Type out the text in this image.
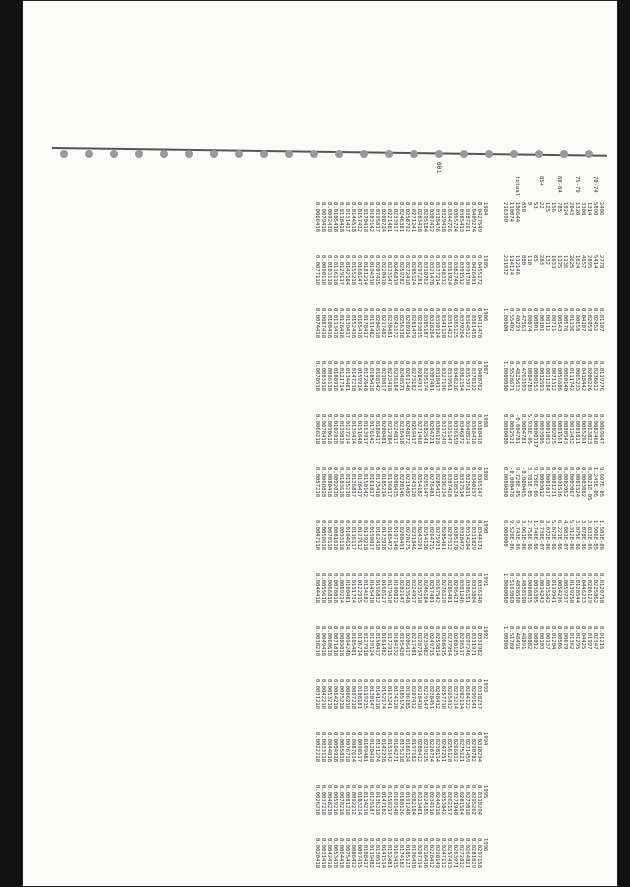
001
240627780.011070.01197760.00696479.607E-051.501E-060.01207180.01216
509054140.024520.02366120.00824681.245E-051.906E-050.02258620.02347
70-74
131420950.020590.02082260.00638230.0021E-053.033E-060.02061290.01997
330846570.041070.04184420.00652610.00030623.070E-060.04462330.04425
132016240.006500.00652330.00018110.00015243.075E-060.01285440.01295
75-79
204326250.011360.01117420.00124320.00030675.312E-060.01392580.01362
102411360.005760.00601400.00085430.00020524.081E-070.00597370.00679
78511250.005430.00566060.00015610.00015166.221E-060.00542960.00506
80-84
15616330.007110.00713120.00020250.00012315.073E-060.01199410.01204
1251320.001120.00112840.00010630.00010173.072E-060.00152420.00137
222830.001010.00125030.00030050.00030128.730E-070.00142430.00103
85+
53850.000010.00001530.000001179.736E-061.746E-060.00363050.00012
01100.000740.00047895.936E-053.781E-052.758E-060.00080350.00082
8508000.475630.47631930.0004781-0.0004653.061E-060.48381900.48891
1066441121460.402930.4825633-0.0047819.728E-059.743E-060.48385980.48491
totaal
1100741141240.554020.55286710.0062521-0.0004789.526E-060.51630600.51789
2163902319321.000001.00000000.00000000.00000000.0000001.00000001.00000
1984198519861987198819891990199119921993199419951996
0.04275490.04551720.04114780.04007620.03804180.03651470.03441710.03361480.03319820.03182370.03102940.03102940.0297158
0.04092740.04264910.03814580.03781220.03684180.03401570.03318290.03138040.03119710.02991410.02907820.02952620.0281829
0.03872610.03917380.03645120.03539710.03485240.03258110.03142040.03061510.02972460.02841220.02714590.02730180.0264821
0.03854130.03915120.03792640.03621540.03468720.03275140.03184720.03012460.02965170.02821340.02751210.02815640.0272812
0.03657240.03827460.03651250.03482160.03361590.03185240.03051780.02964210.02881250.02732140.02668120.02719480.0263971
0.03447260.03619240.03514220.03395610.03251470.03074280.02975120.02864810.02779640.02654120.02561280.02621570.0257413
0.03294180.03483120.03411280.03271960.03172490.02962140.02854610.02761290.02684150.02577180.02472510.02538420.0247112
0.03184760.03372140.03301240.03184170.03061280.02854170.02759310.02675420.02598140.02484120.02381140.02443180.0238149
0.03074120.03214780.03182640.03074810.02947210.02764810.02647150.02574810.02497150.02384510.02287340.02341180.0228412
0.02951840.03107620.03051870.02951740.02825410.02651470.02541360.02461840.02394820.02291470.02191250.02241850.0218416
0.02834180.02972810.02938150.02849170.02714680.02541820.02432910.02357180.02287140.02184180.02084120.02134810.0207314
0.02712410.02851240.02814790.02731820.02594170.02431280.02318460.02249170.02174810.02074120.01971820.02021840.0196418
0.02587920.02724180.02689140.02611480.02481720.02314820.02201750.02135480.02064170.01961850.01861240.01912480.0185127
0.02463810.02597820.02563180.02485710.02364180.02201460.02084910.02021470.01954280.01851740.01752180.01801260.0174182
0.02339170.02468190.02431720.02361840.02248170.02084150.01971480.01908120.01841720.01741280.01642710.01691480.0163415
0.02214810.02331470.02304810.02234180.02129840.01968170.01854720.01794180.01729150.01632410.01531420.01582170.0152481
0.02087140.02204180.02174820.02108170.02004810.01852140.01739180.01681270.01614820.01521740.01422180.01471820.0141514
0.01958170.02074150.02045180.01981420.01884170.01734180.01624180.01568120.01504170.01412180.01312740.01362180.0130517
0.01831420.01943180.01914820.01854180.01761420.01618270.01508170.01454180.01391240.01301470.01204180.01251870.0119482
0.01704180.01812140.01784170.01726480.01639170.01501420.01392180.01341820.01279180.01192150.01094810.01142180.0108417
0.01574120.01681470.01654180.01599140.01516480.01384170.01276120.01229150.01167140.01081810.00985170.01032140.0097415
0.01445180.01552180.01524180.01472180.01394140.01268170.01161170.01117140.01054810.00972180.00876140.00922120.0086412
0.01314170.01421840.01394170.01344810.01272140.01152180.01046140.01004810.00942480.00862180.00767180.00812180.0075418
0.01184180.01291170.01264180.01217140.01150180.01036180.00931180.00892140.00830180.00752180.00658180.00702180.0064418
0.01054180.01161180.01134180.01089180.01028180.00920180.00816180.00780180.00718180.00642180.00549180.00592180.0053418
0.00924180.01031180.01004180.00961180.00906180.00804180.00701180.00668180.00606180.00532180.00440180.00482180.0042418
0.00794180.00901180.00874180.00833180.00784180.00688180.00586180.00556180.00494180.00422180.00331180.00372180.0031418
0.00664180.00771180.00744180.00705180.00662180.00572180.00471180.00444180.00382180.00312180.00222180.00262180.0020418
